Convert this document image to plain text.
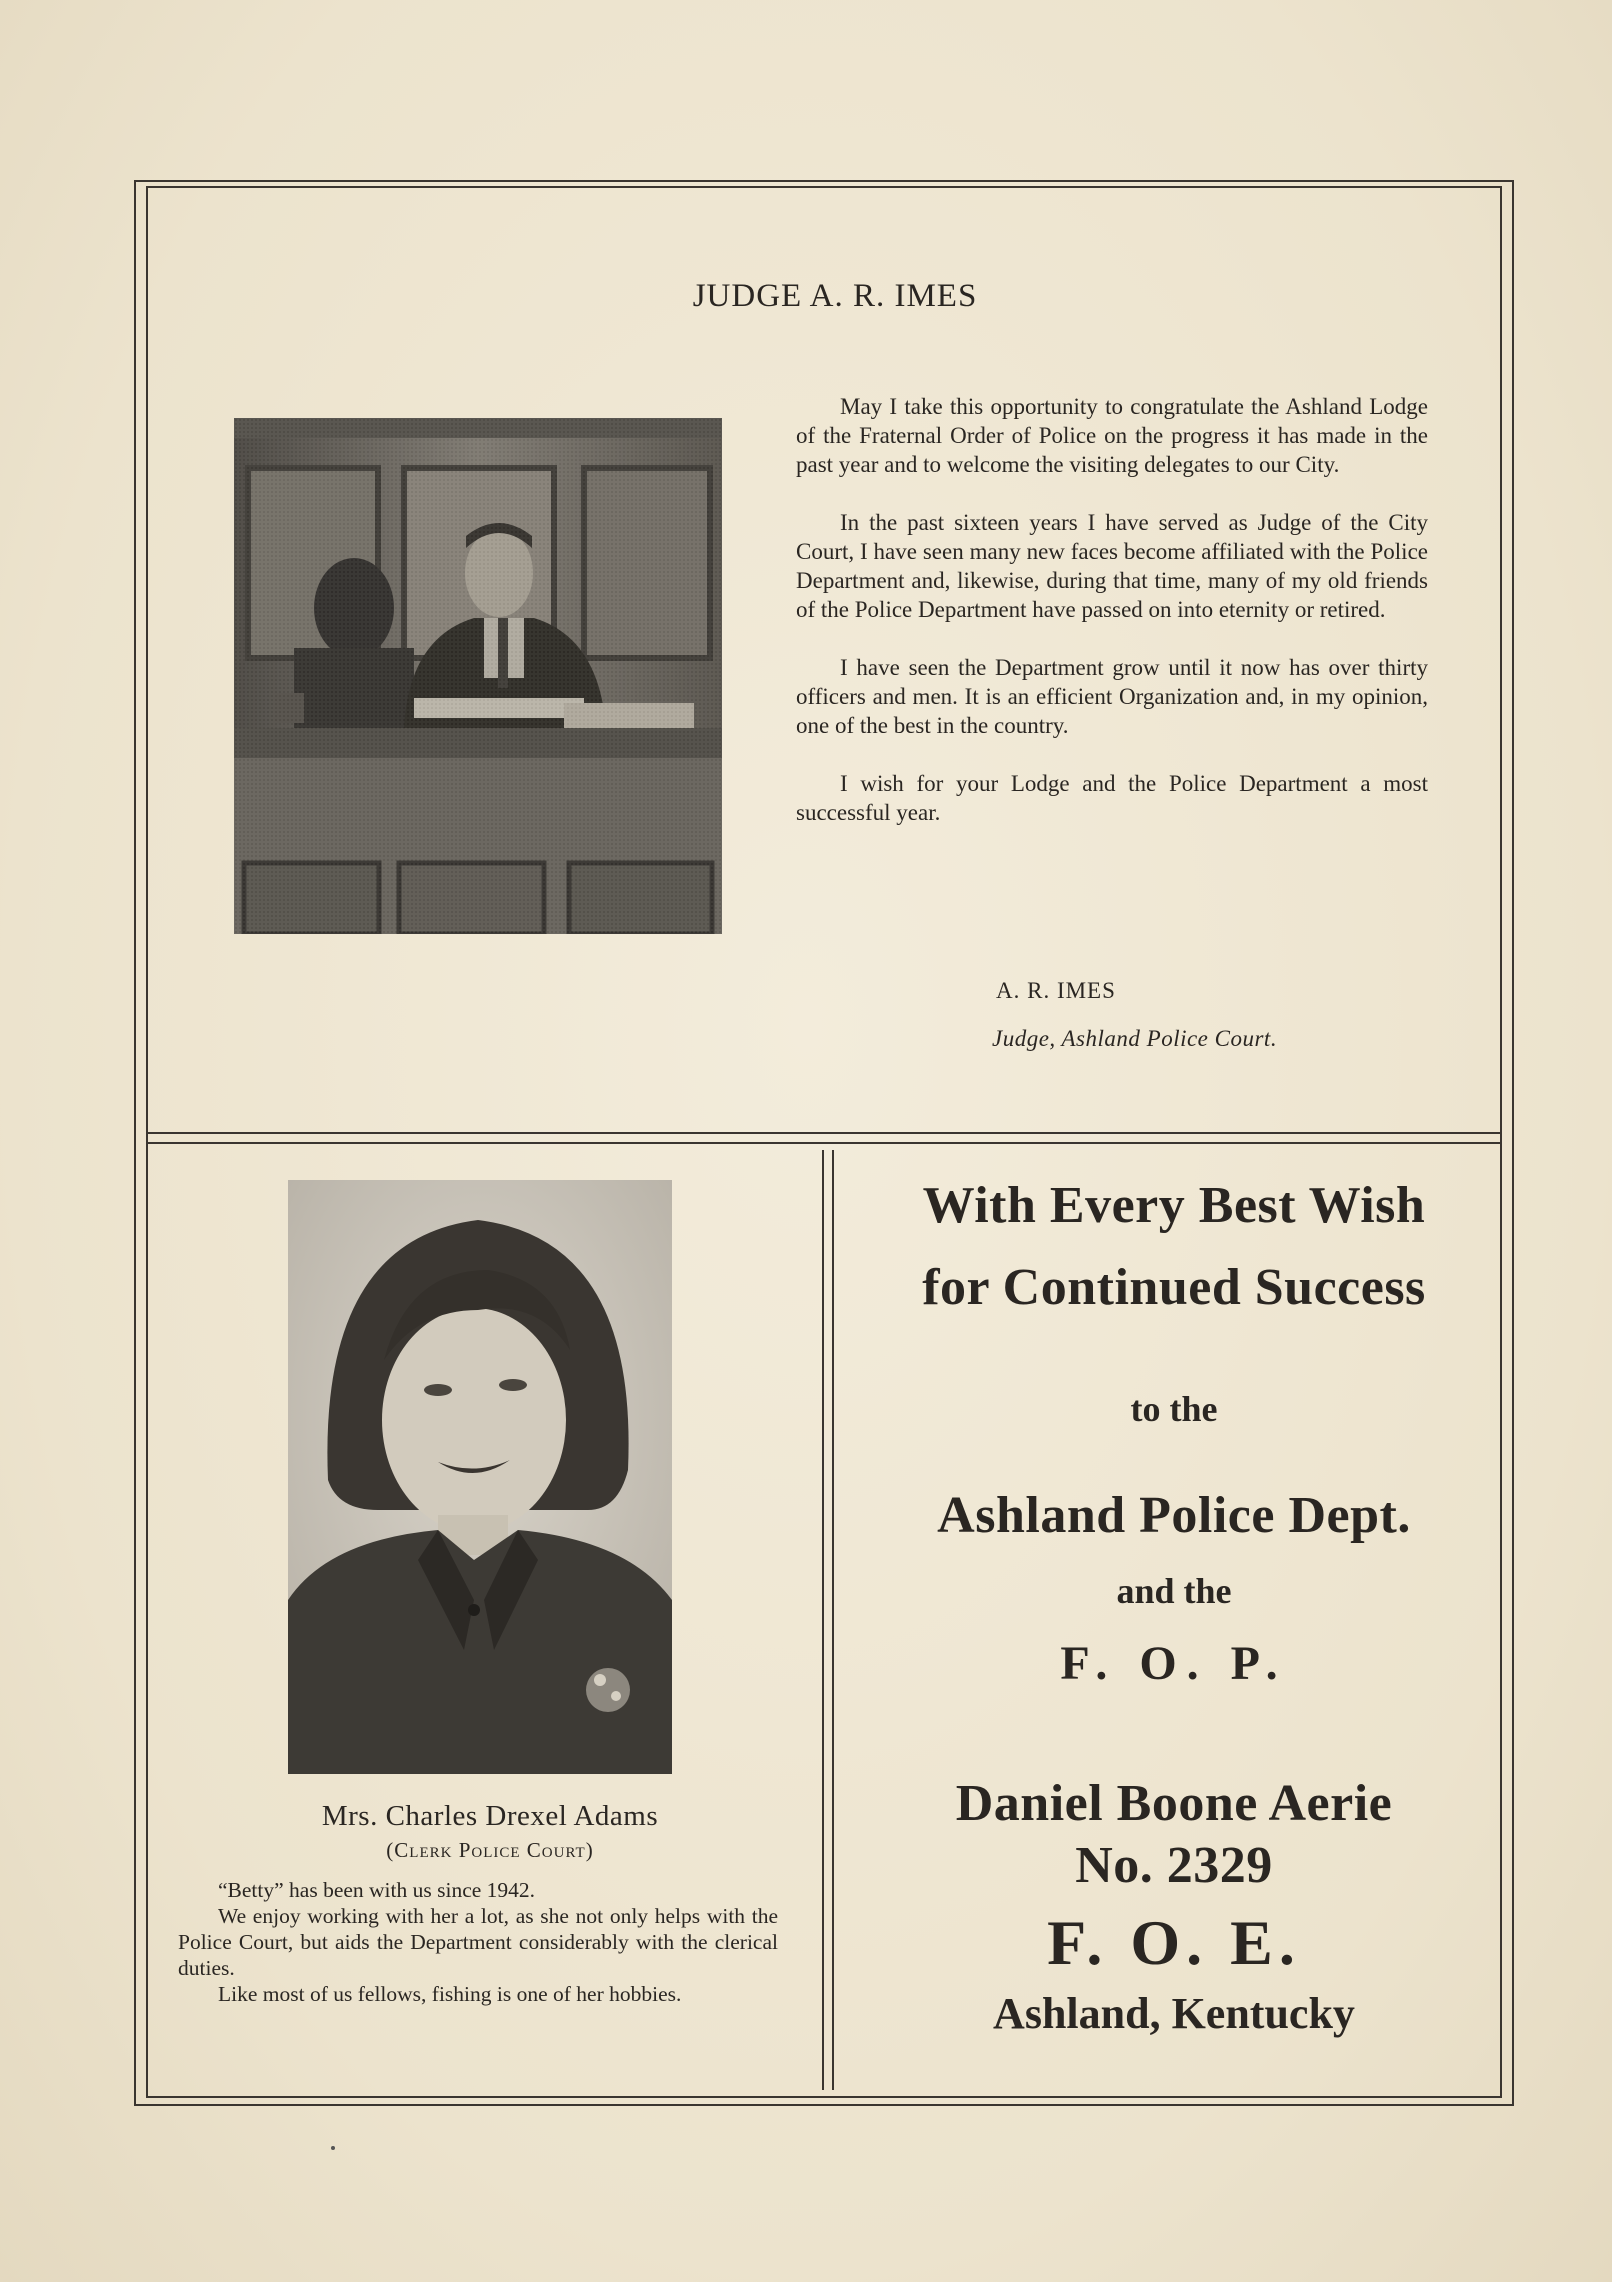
JUDGE A. R. IMES

May I take this opportunity to congratulate the Ashland Lodge of the Fraternal Order of Police on the progress it has made in the past year and to welcome the visiting delegates to our City.

In the past sixteen years I have served as Judge of the City Court, I have seen many new faces become affiliated with the Police Department and, likewise, during that time, many of my old friends of the Police Department have passed on into eternity or retired.

I have seen the Department grow until it now has over thirty officers and men. It is an efficient Organization and, in my opinion, one of the best in the country.

I wish for your Lodge and the Police Department a most successful year.

A. R. IMES
Judge, Ashland Police Court.
Mrs. Charles Drexel Adams
(Clerk Police Court)

“Betty” has been with us since 1942.

We enjoy working with her a lot, as she not only helps with the Police Court, but aids the Department considerably with the clerical duties.

Like most of us fellows, fishing is one of her hobbies.

With Every Best Wish
for Continued Success
to the
Ashland Police Dept.
and the
F. O. P.
Daniel Boone Aerie
No. 2329
F. O. E.
Ashland, Kentucky
